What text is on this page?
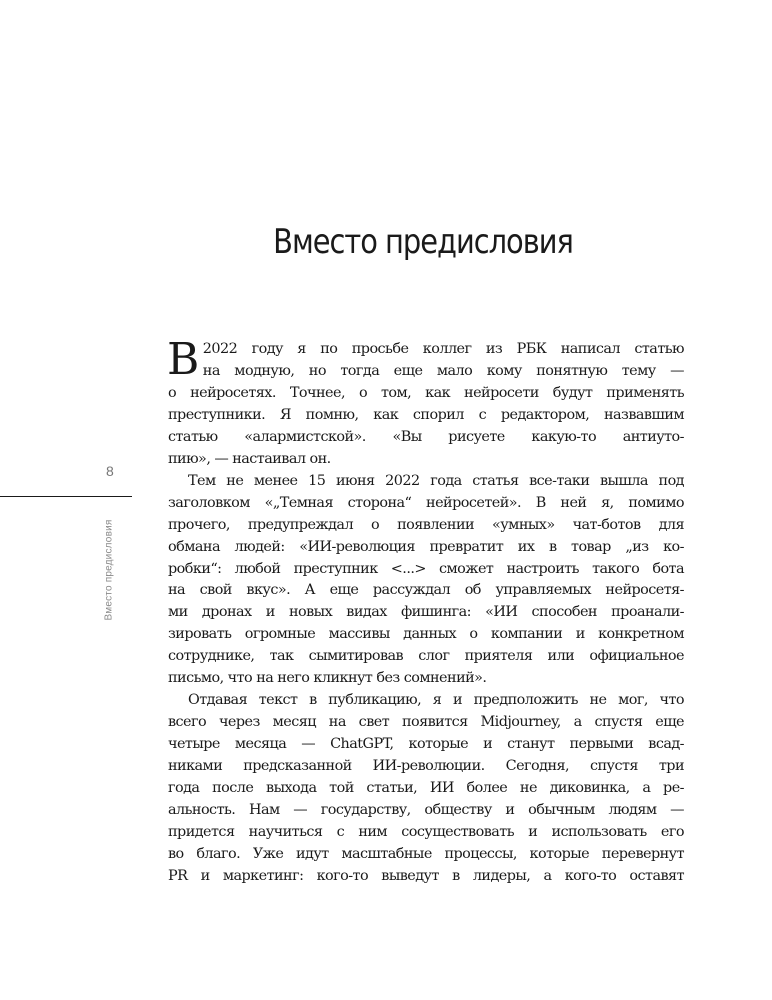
Вместо предисловия
8
Вместо предисловия
В 2022 году я по просьбе коллег из РБК написал статью

на модную, но тогда еще мало кому понятную тему —

о нейросетях. Точнее, о том, как нейросети будут применять

преступники. Я помню, как спорил с редактором, назвавшим

статью «алармистской». «Вы рисуете какую-то антиуто-

пию», — настаивал он.

Тем не менее 15 июня 2022 года статья все-таки вышла под

заголовком «„Темная сторона“ нейросетей». В ней я, помимо

прочего, предупреждал о появлении «умных» чат-ботов для

обмана людей: «ИИ-революция превратит их в товар „из ко-

робки“: любой преступник <...> сможет настроить такого бота

на свой вкус». А еще рассуждал об управляемых нейросетя-

ми дронах и новых видах фишинга: «ИИ способен проанали-

зировать огромные массивы данных о компании и конкретном

сотруднике, так сымитировав слог приятеля или официальное

письмо, что на него кликнут без сомнений».

Отдавая текст в публикацию, я и предположить не мог, что

всего через месяц на свет появится Midjourney, а спустя еще

четыре месяца — ChatGPT, которые и станут первыми всад-

никами предсказанной ИИ-революции. Сегодня, спустя три

года после выхода той статьи, ИИ более не диковинка, а ре-

альность. Нам — государству, обществу и обычным людям —

придется научиться с ним сосуществовать и использовать его

во благо. Уже идут масштабные процессы, которые перевернут

PR и маркетинг: кого-то выведут в лидеры, а кого-то оставят
